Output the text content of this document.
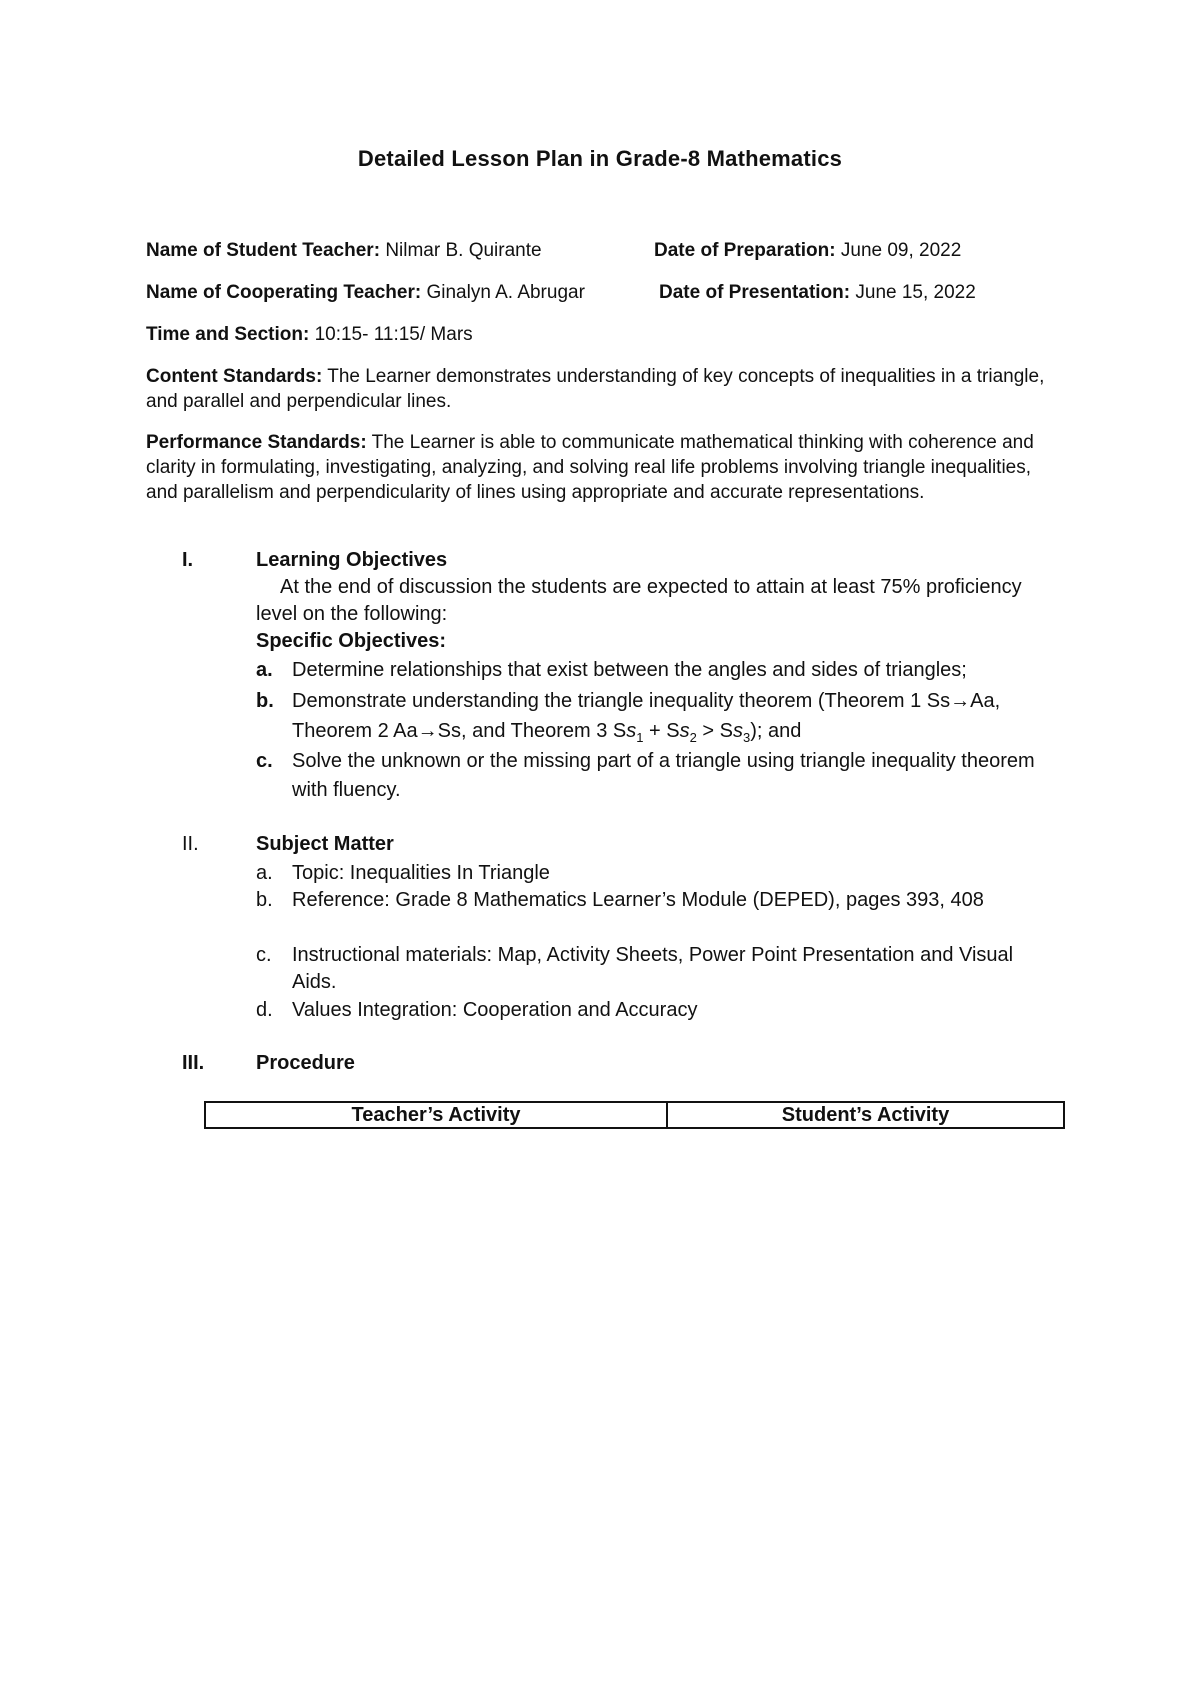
Detailed Lesson Plan in Grade-8 Mathematics
Name of Student Teacher: Nilmar B. Quirante	Date of Preparation: June 09, 2022
Name of Cooperating Teacher: Ginalyn A. Abrugar	Date of Presentation: June 15, 2022
Time and Section: 10:15- 11:15/ Mars
Content Standards: The Learner demonstrates understanding of key concepts of inequalities in a triangle, and parallel and perpendicular lines.
Performance Standards: The Learner is able to communicate mathematical thinking with coherence and clarity in formulating, investigating, analyzing, and solving real life problems involving triangle inequalities, and parallelism and perpendicularity of lines using appropriate and accurate representations.
I.	Learning Objectives
At the end of discussion the students are expected to attain at least 75% proficiency level on the following:
Specific Objectives:
a. Determine relationships that exist between the angles and sides of triangles;
b. Demonstrate understanding the triangle inequality theorem (Theorem 1 Ss→Aa, Theorem 2 Aa→Ss, and Theorem 3 $Ss_1 + Ss_2 > Ss_3$); and
c. Solve the unknown or the missing part of a triangle using triangle inequality theorem with fluency.
II.	Subject Matter
a. Topic: Inequalities In Triangle
b. Reference: Grade 8 Mathematics Learner’s Module (DEPED), pages 393, 408
c.	Instructional materials: Map, Activity Sheets, Power Point Presentation and Visual Aids.
d. Values Integration: Cooperation and Accuracy
III.	Procedure
Teacher’s Activity	Student’s Activity
